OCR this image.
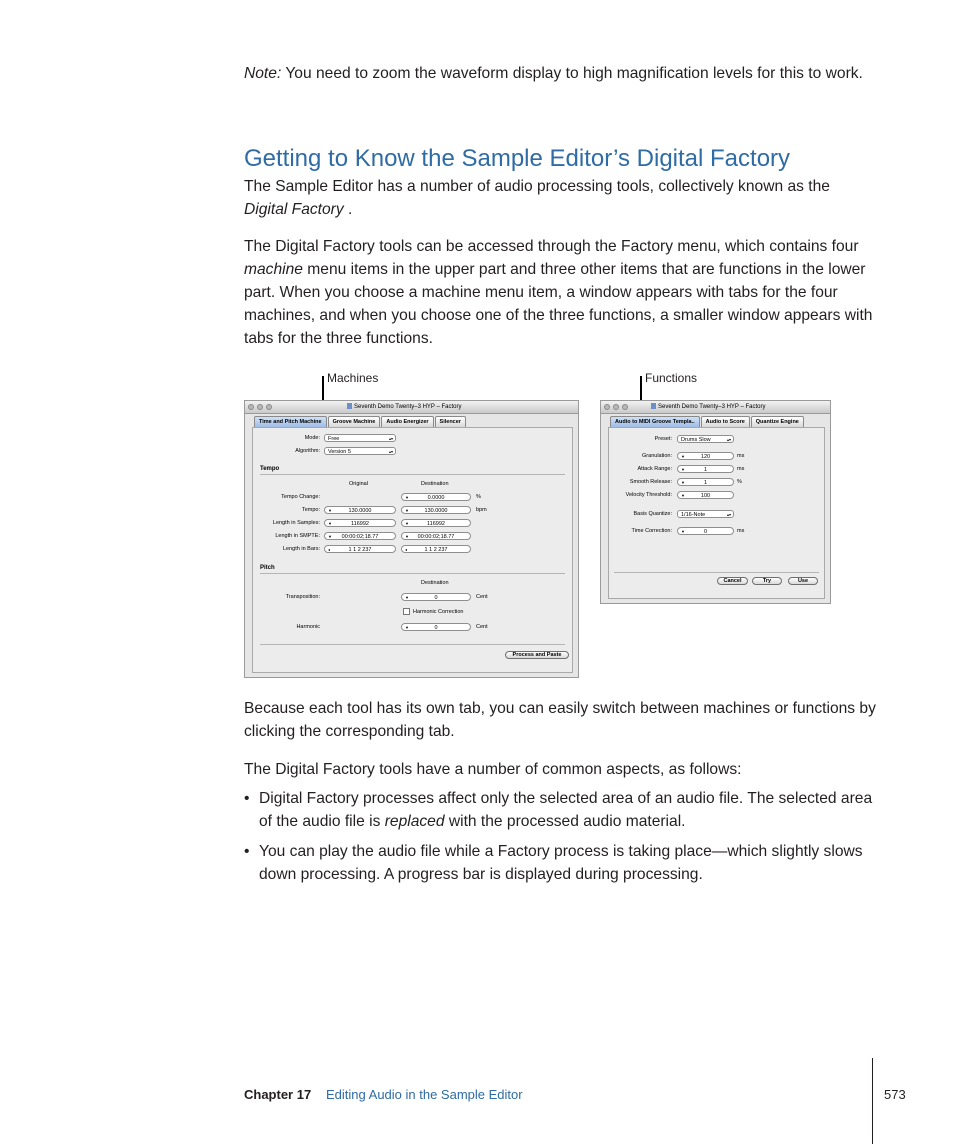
Note: You need to zoom the waveform display to high magnification levels for this to work.
Getting to Know the Sample Editor’s Digital Factory
The Sample Editor has a number of audio processing tools, collectively known as the Digital Factory .
The Digital Factory tools can be accessed through the Factory menu, which contains four machine menu items in the upper part and three other items that are functions in the lower part. When you choose a machine menu item, a window appears with tabs for the four machines, and when you choose one of the three functions, a smaller window appears with tabs for the three functions.
Machines	Functions
Seventh Demo Twenty–3 HYP – Factory
Time and Pitch Machine	Groove Machine	Audio Energizer	Silencer
Mode:	Free	▴▾
Algorithm:	Version 5	▴▾
Tempo
Original	Destination
Tempo Change:	▼	0.0000	%
Tempo: ▼	130.0000	▼	130.0000	bpm
Length in Samples: ▼	116992	▼	116992
Length in SMPTE: ▼ 00:00:02;18.77	▼ 00:00:02;18.77
Length in Bars: ◂	1 1 2 237	◂	1 1 2 237
Pitch
Destination
Transposition:	▼	0	Cent
Harmonic Correction
Harmonic	▼	0	Cent
Process and Paste
Seventh Demo Twenty–3 HYP – Factory
Audio to MIDI Groove Templa..	Audio to Score	Quantize Engine
Preset:	Drums Slow	▴▾
Granulation: ▼	120	ms
Attack Range: ▼	1	ms
Smooth Release: ▼	1	%
Velocity Threshold: ▼	100
Basis Quantize:	1/16-Note	▴▾
Time Correction: ▼	0	ms
Cancel	Try	Use
Because each tool has its own tab, you can easily switch between machines or functions by clicking the corresponding tab.
The Digital Factory tools have a number of common aspects, as follows:
• Digital Factory processes affect only the selected area of an audio file. The selected area of the audio file is replaced with the processed audio material.
• You can play the audio file while a Factory process is taking place—which slightly slows down processing. A progress bar is displayed during processing.
Chapter 17 Editing Audio in the Sample Editor	573
